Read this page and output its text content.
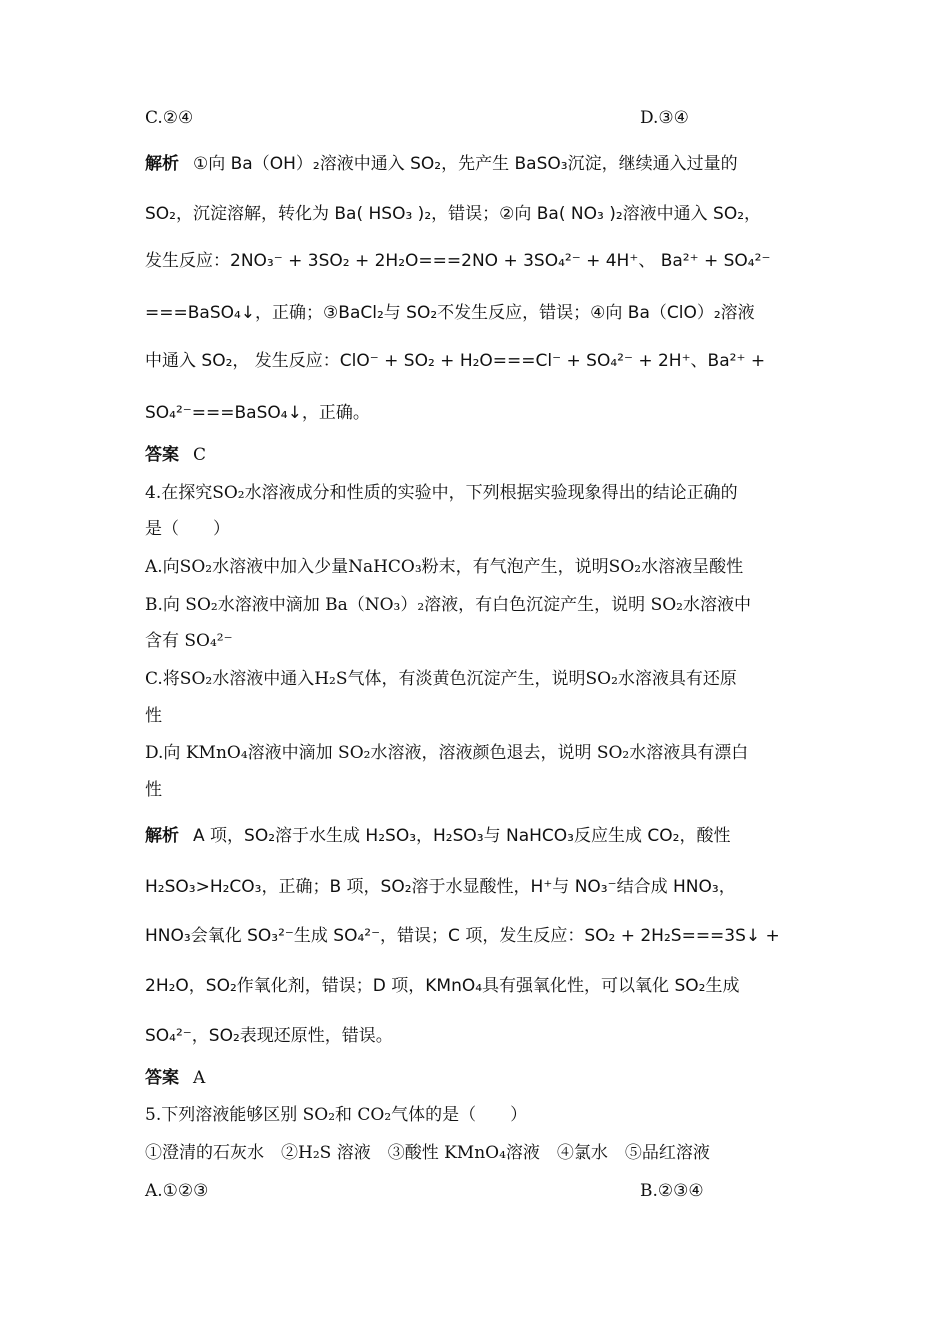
C.②④	D.③④
解析 ①向 Ba（OH）₂溶液中通入 SO₂，先产生 BaSO₃沉淀，继续通入过量的
SO₂，沉淀溶解，转化为 Ba( HSO₃ )₂，错误；②向 Ba( NO₃ )₂溶液中通入 SO₂，
发生反应：2NO₃⁻ + 3SO₂ + 2H₂O===2NO + 3SO₄²⁻ + 4H⁺、 Ba²⁺ + SO₄²⁻
===BaSO₄↓，正确；③BaCl₂与 SO₂不发生反应，错误；④向 Ba（ClO）₂溶液
中通入 SO₂， 发生反应：ClO⁻ + SO₂ + H₂O===Cl⁻ + SO₄²⁻ + 2H⁺、Ba²⁺ +
SO₄²⁻===BaSO₄↓，正确。
答案 C
4.在探究SO₂水溶液成分和性质的实验中，下列根据实验现象得出的结论正确的
是（　　）
A.向SO₂水溶液中加入少量NaHCO₃粉末，有气泡产生，说明SO₂水溶液呈酸性
B.向 SO₂水溶液中滴加 Ba（NO₃）₂溶液，有白色沉淀产生，说明 SO₂水溶液中
含有 SO₄²⁻
C.将SO₂水溶液中通入H₂S气体，有淡黄色沉淀产生，说明SO₂水溶液具有还原
性
D.向 KMnO₄溶液中滴加 SO₂水溶液，溶液颜色退去，说明 SO₂水溶液具有漂白
性
解析 A 项，SO₂溶于水生成 H₂SO₃，H₂SO₃与 NaHCO₃反应生成 CO₂，酸性
H₂SO₃>H₂CO₃，正确；B 项，SO₂溶于水显酸性，H⁺与 NO₃⁻结合成 HNO₃，
HNO₃会氧化 SO₃²⁻生成 SO₄²⁻，错误；C 项，发生反应：SO₂ + 2H₂S===3S↓ +
2H₂O，SO₂作氧化剂，错误；D 项，KMnO₄具有强氧化性，可以氧化 SO₂生成
SO₄²⁻，SO₂表现还原性，错误。
答案 A
5.下列溶液能够区别 SO₂和 CO₂气体的是（　　）
①澄清的石灰水　②H₂S 溶液　③酸性 KMnO₄溶液　④氯水　⑤品红溶液
A.①②③	B.②③④
